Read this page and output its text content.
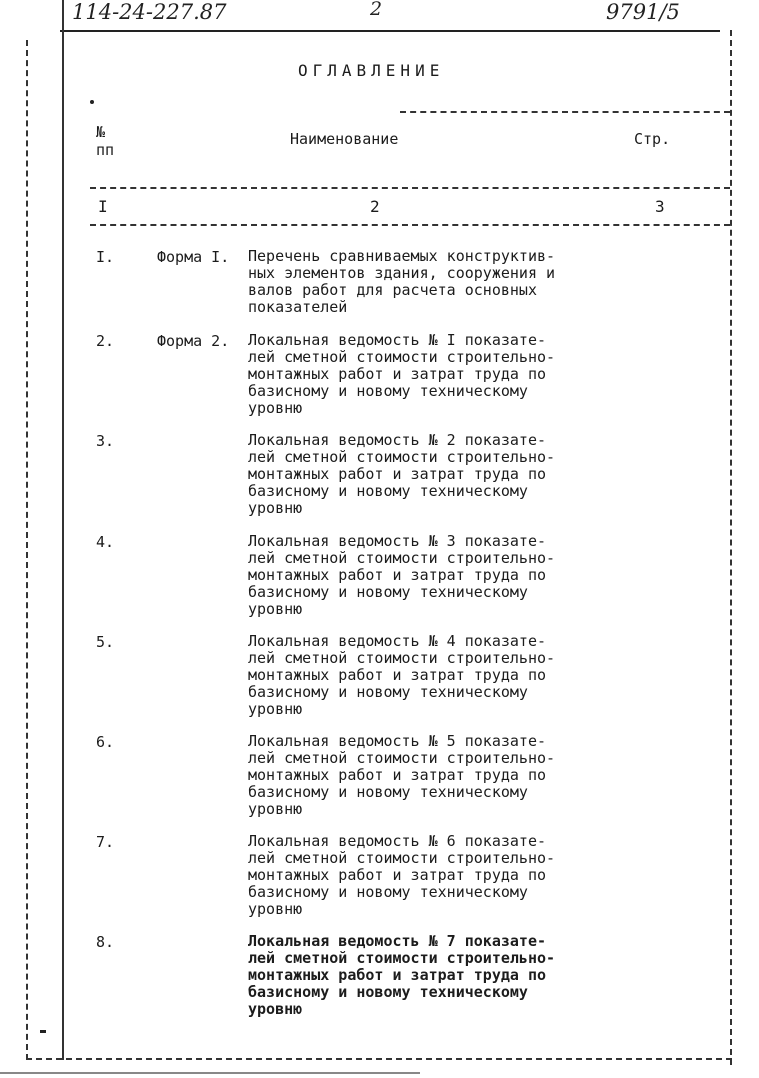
114-24-227.87	2	9791/5
ОГЛАВЛЕНИЕ
№
пп
Наименование	Стр.
I	2	3
I.	Форма I. Перечень сравниваемых конструктив-
ных элементов здания, сооружения и
валов работ для расчета основных
показателей
2.	Форма 2. Локальная ведомость № I показате-
лей сметной стоимости строительно-
монтажных работ и затрат труда по
базисному и новому техническому
уровню
3.	Локальная ведомость № 2 показате-
лей сметной стоимости строительно-
монтажных работ и затрат труда по
базисному и новому техническому
уровню
4.	Локальная ведомость № 3 показате-
лей сметной стоимости строительно-
монтажных работ и затрат труда по
базисному и новому техническому
уровню
5.	Локальная ведомость № 4 показате-
лей сметной стоимости строительно-
монтажных работ и затрат труда по
базисному и новому техническому
уровню
6.	Локальная ведомость № 5 показате-
лей сметной стоимости строительно-
монтажных работ и затрат труда по
базисному и новому техническому
уровню
7.	Локальная ведомость № 6 показате-
лей сметной стоимости строительно-
монтажных работ и затрат труда по
базисному и новому техническому
уровню
8.	Локальная ведомость № 7 показате-
лей сметной стоимости строительно-
монтажных работ и затрат труда по
базисному и новому техническому
уровню
